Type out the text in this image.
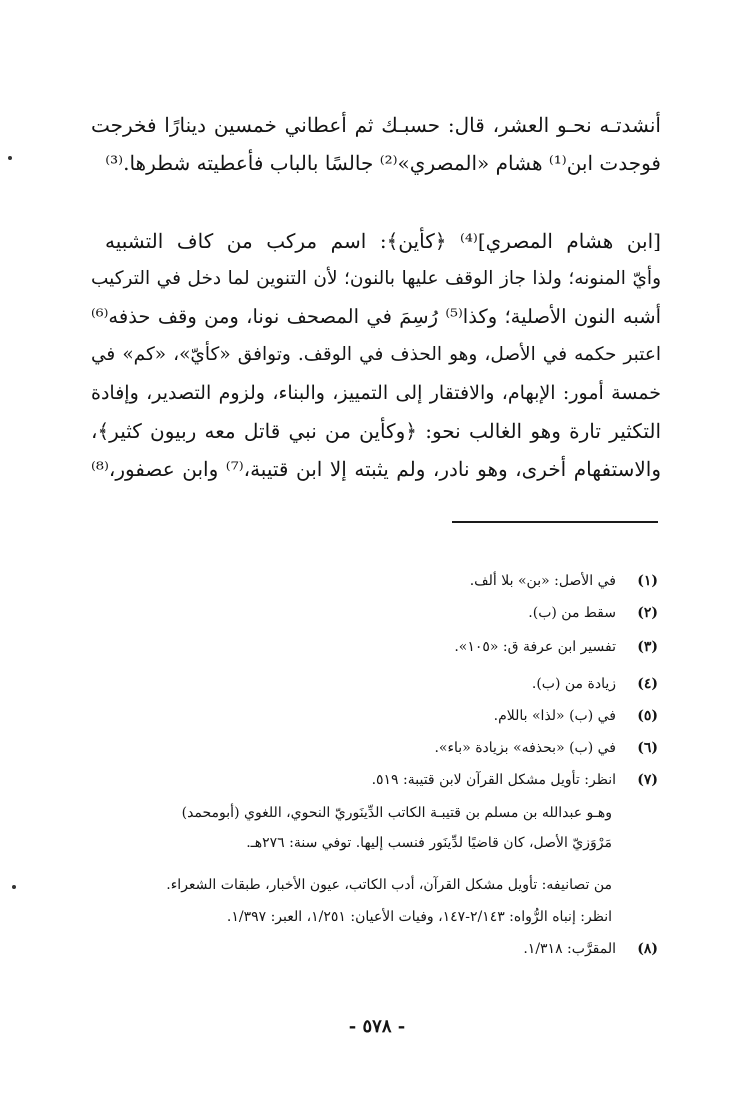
أنشدتـه نحـو العشر، قال: حسبـك ثم أعطاني خمسين دينارًا فخرجت
فوجدت ابن⁽¹⁾ هشام «المصري»⁽²⁾ جالسًا بالباب فأعطيته شطرها.⁽³⁾
[ابن هشام المصري]⁽⁴⁾ ﴿كأين﴾: اسم مركب من كاف التشبيه
وأيّ المنونه؛ ولذا جاز الوقف عليها بالنون؛ لأن التنوين لما دخل في التركيب
أشبه النون الأصلية؛ وكذا⁽⁵⁾ رُسِمَ في المصحف نونا، ومن وقف حذفه⁽⁶⁾
اعتبر حكمه في الأصل، وهو الحذف في الوقف. وتوافق «كأيّ»، «كم» في
خمسة أمور: الإبهام، والافتقار إلى التمييز، والبناء، ولزوم التصدير، وإفادة
التكثير تارة وهو الغالب نحو: ﴿وكأين من نبي قاتل معه ربيون كثير﴾،
والاستفهام أخرى، وهو نادر، ولم يثبته إلا ابن قتيبة،⁽⁷⁾ وابن عصفور،⁽⁸⁾
(١)في الأصل: «بن» بلا ألف.
(٢)سقط من (ب).
(٣)تفسير ابن عرفة ق: «١٠٥».
(٤)زيادة من (ب).
(٥)في (ب) «لذا» باللام.
(٦)في (ب) «بحذفه» بزيادة «باء».
(٧)انظر: تأويل مشكل القرآن لابن قتيبة: ٥١٩.
وهـو عبدالله بن مسلم بن قتيبـة الكاتب الدِّينَوريّ النحوي، اللغوي (أبومحمد)
مَرْوَزيّ الأصل، كان قاضيًا لدِّينَور فنسب إليها. توفي سنة: ٢٧٦هـ.
من تصانيفه: تأويل مشكل القرآن، أدب الكاتب، عيون الأخبار، طبقات الشعراء.
انظر: إنباه الرُّواه: ٢/١٤٣-١٤٧، وفيات الأعيان: ١/٢٥١، العبر: ١/٣٩٧.
(٨)المقرَّب: ١/٣١٨.
- ٥٧٨ -
